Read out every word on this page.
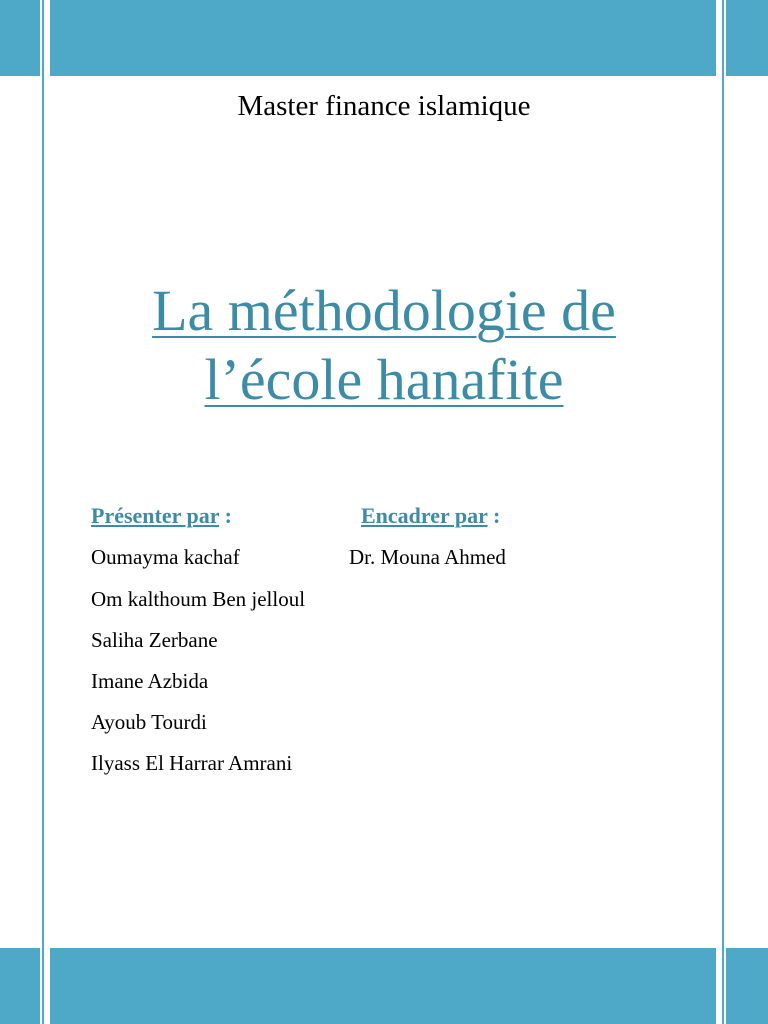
Master finance islamique
La méthodologie de
l’école hanafite
Présenter par :	Encadrer par :
Oumayma kachaf
Om kalthoum Ben jelloul
Saliha Zerbane
Imane Azbida
Ayoub Tourdi
Ilyass El Harrar Amrani
Dr. Mouna Ahmed
